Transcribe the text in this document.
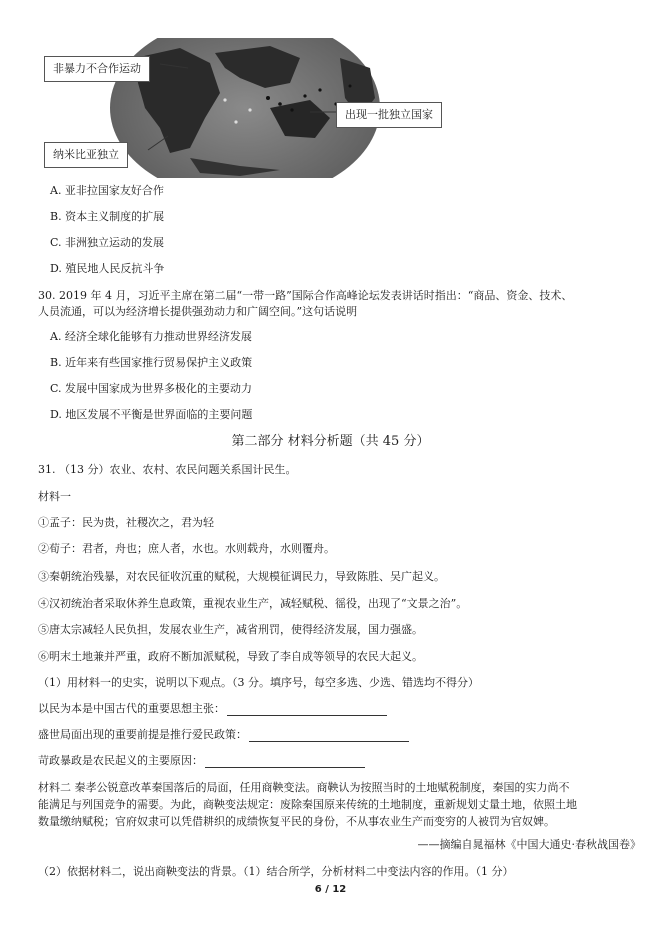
非暴力不合作运动
纳米比亚独立
出现一批独立国家
A. 亚非拉国家友好合作
B. 资本主义制度的扩展
C. 非洲独立运动的发展
D. 殖民地人民反抗斗争
30. 2019 年 4 月，习近平主席在第二届“一带一路”国际合作高峰论坛发表讲话时指出：“商品、资金、技术、
人员流通，可以为经济增长提供强劲动力和广阔空间。”这句话说明
A. 经济全球化能够有力推动世界经济发展
B. 近年来有些国家推行贸易保护主义政策
C. 发展中国家成为世界多极化的主要动力
D. 地区发展不平衡是世界面临的主要问题
第二部分 材料分析题（共 45 分）
31. （13 分）农业、农村、农民问题关系国计民生。
材料一
①孟子：民为贵，社稷次之，君为轻
②荀子：君者，舟也；庶人者，水也。水则载舟，水则覆舟。
③秦朝统治残暴，对农民征收沉重的赋税，大规模征调民力，导致陈胜、吴广起义。
④汉初统治者采取休养生息政策，重视农业生产，减轻赋税、徭役，出现了“文景之治”。
⑤唐太宗减轻人民负担，发展农业生产，减省刑罚，使得经济发展，国力强盛。
⑥明末土地兼并严重，政府不断加派赋税，导致了李自成等领导的农民大起义。
（1）用材料一的史实，说明以下观点。（3 分。填序号，每空多选、少选、错选均不得分）
以民为本是中国古代的重要思想主张：
盛世局面出现的重要前提是推行爱民政策：
苛政暴政是农民起义的主要原因：
材料二 秦孝公锐意改革秦国落后的局面，任用商鞅变法。商鞅认为按照当时的土地赋税制度，秦国的实力尚不
能满足与列国竞争的需要。为此，商鞅变法规定：废除秦国原来传统的土地制度，重新规划丈量土地，依照土地
数量缴纳赋税；官府奴隶可以凭借耕织的成绩恢复平民的身份，不从事农业生产而变穷的人被罚为官奴婢。
——摘编自晁福林《中国大通史·春秋战国卷》
（2）依据材料二，说出商鞅变法的背景。（1）结合所学，分析材料二中变法内容的作用。（1 分）
6 / 12
